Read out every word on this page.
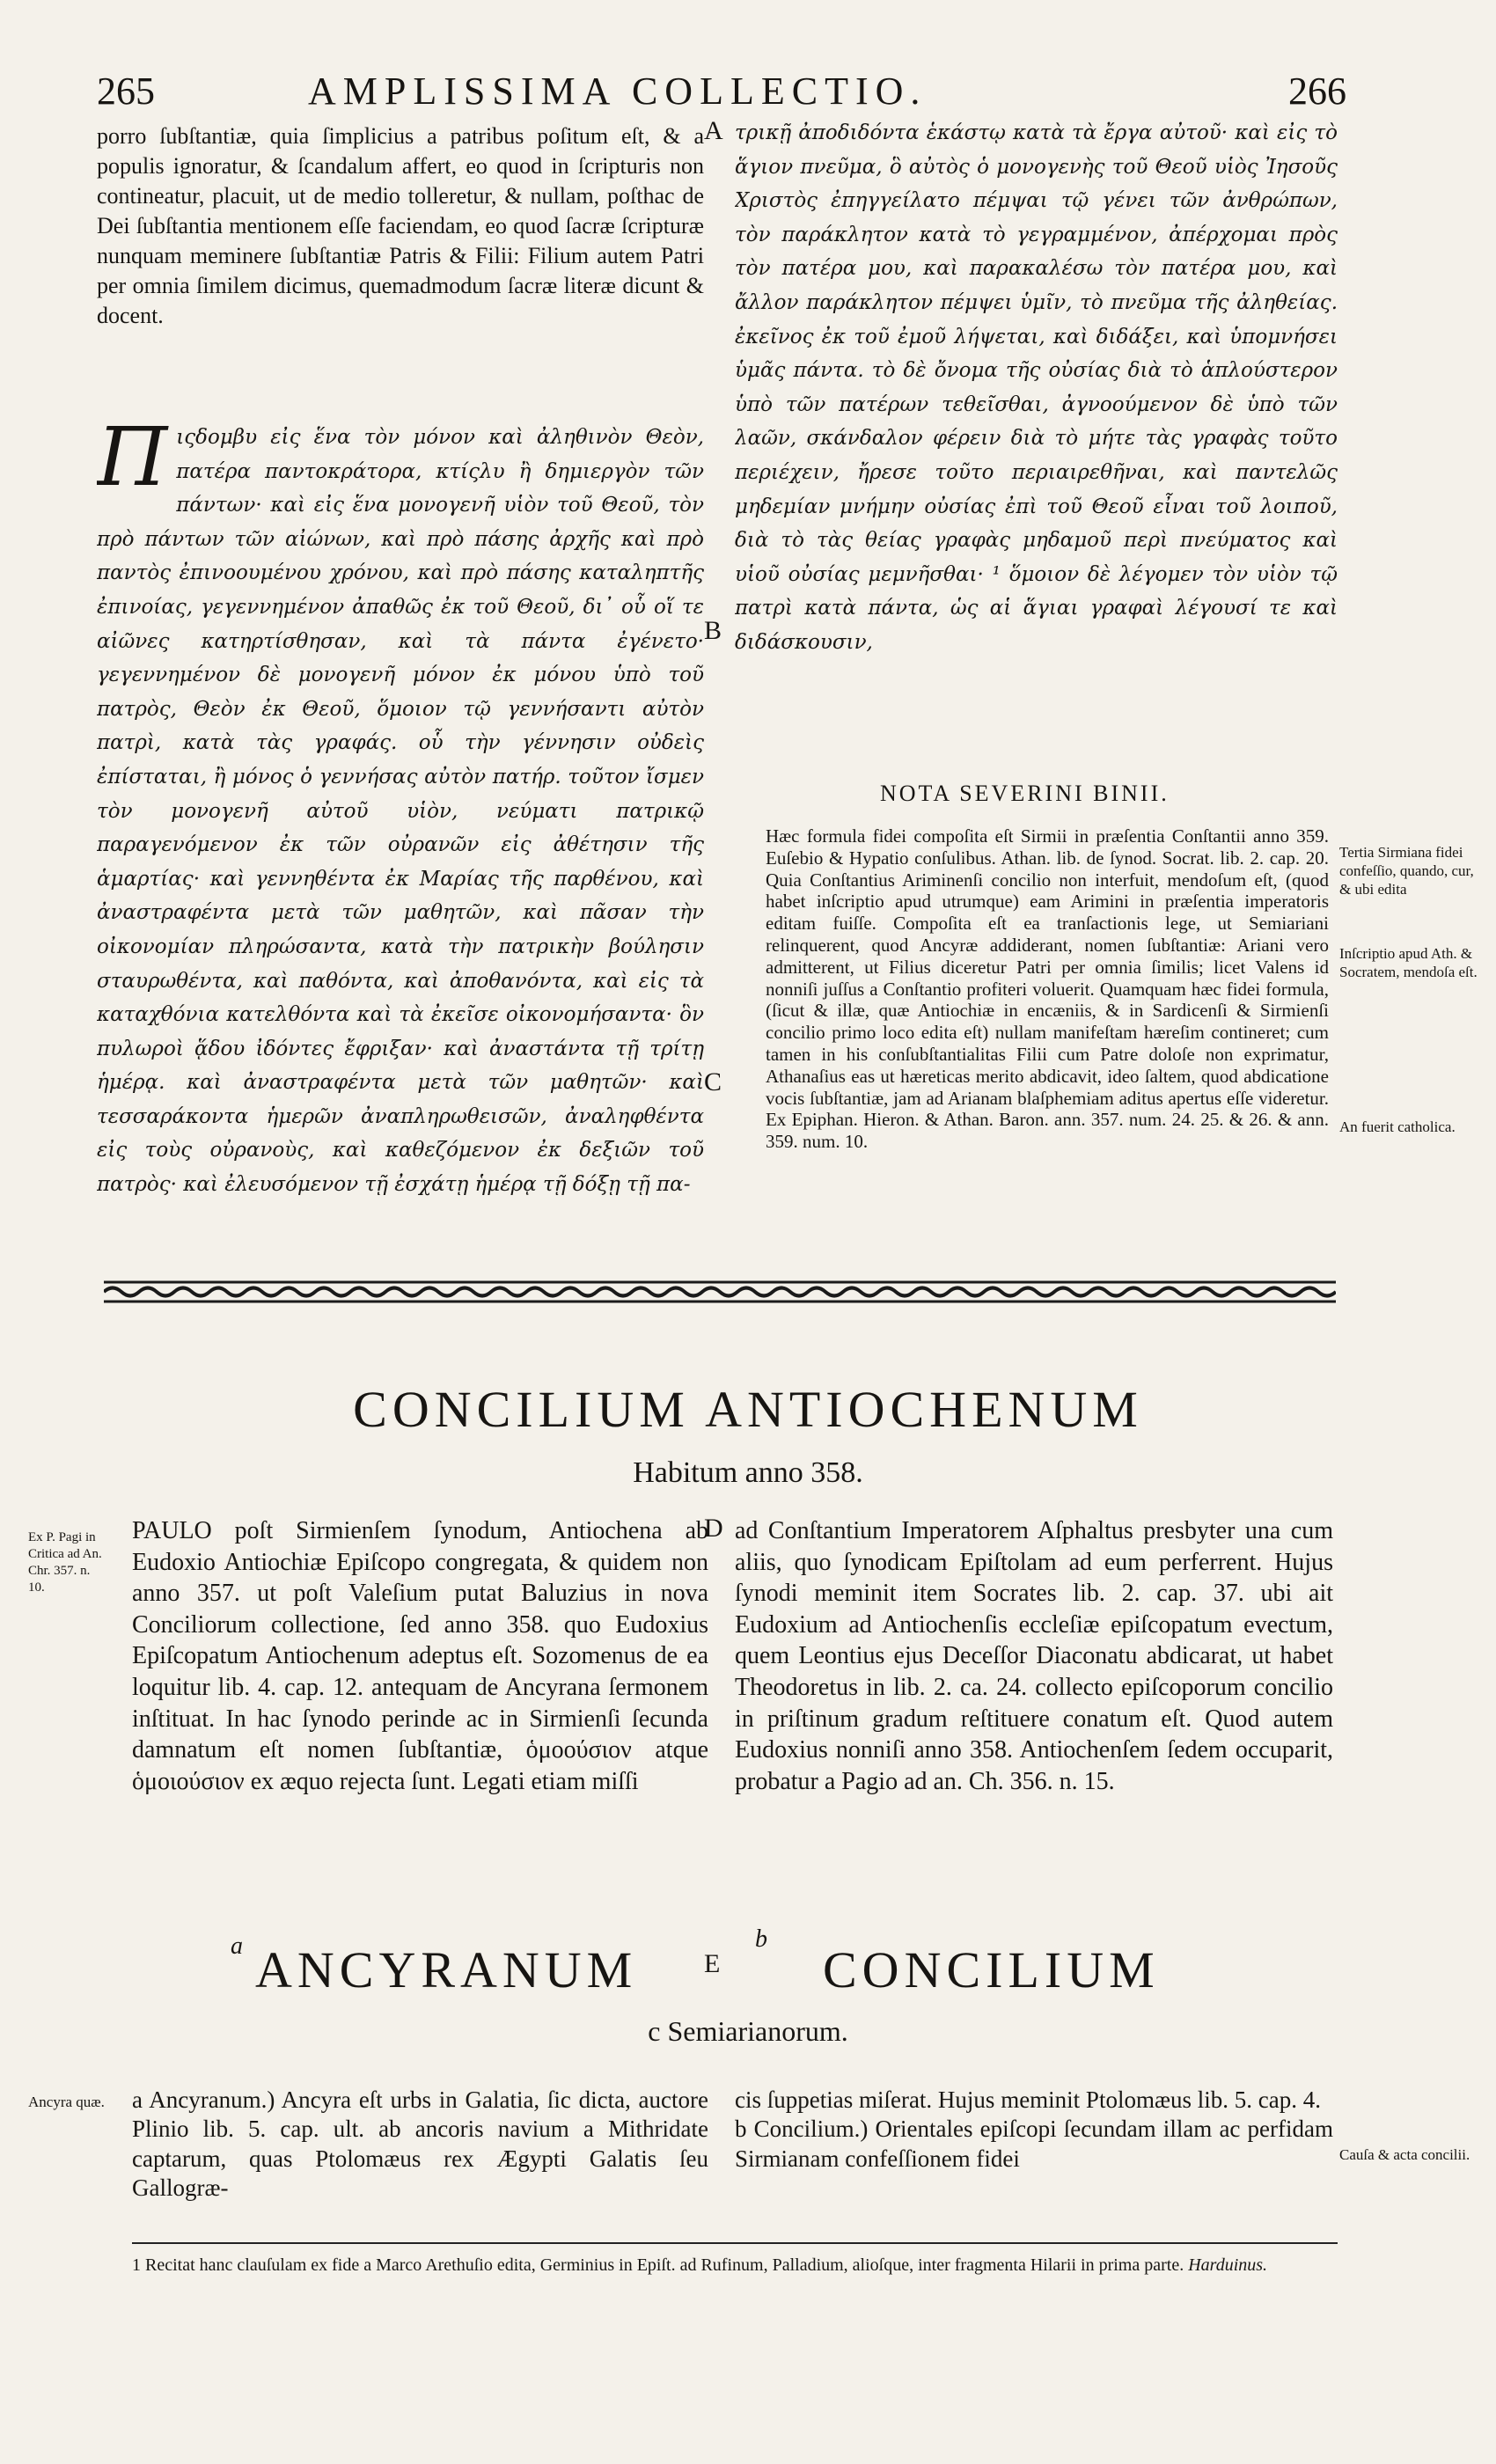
265	AMPLISSIMA COLLECTIO.	266
porro ſubſtantiæ, quia ſimplicius a patribus poſitum eſt, & a populis ignoratur, & ſcandalum affert, eo quod in ſcripturis non contineatur, placuit, ut de medio tolleretur, & nullam, poſthac de Dei ſubſtantia mentionem eſſe faciendam, eo quod ſacræ ſcripturæ nunquam meminere ſubſtantiæ Patris & Filii: Filium autem Patri per omnia ſimilem dicimus, quemadmodum ſacræ literæ dicunt & docent.
Π ιςδομβυ εἰς ἕνα τὸν μόνον καὶ ἀληθινὸν Θεὸν, πατέρα παντοκράτορα, κτίςλυ ἢ δημιεργὸν τῶν πάντων· καὶ εἰς ἕνα μονογενῆ υἱὸν τοῦ Θεοῦ, τὸν πρὸ πάντων τῶν αἰώνων, καὶ πρὸ πάσης ἀρχῆς καὶ πρὸ παντὸς ἐπινοουμένου χρόνου, καὶ πρὸ πάσης καταληπτῆς ἐπινοίας, γεγεννημένον ἀπαθῶς ἐκ τοῦ Θεοῦ, δι᾽ οὗ οἵ τε αἰῶνες κατηρτίσθησαν, καὶ τὰ πάντα ἐγένετο· γεγεννημένον δὲ μονογενῆ μόνον ἐκ μόνου ὑπὸ τοῦ πατρὸς, Θεὸν ἐκ Θεοῦ, ὅμοιον τῷ γεννήσαντι αὐτὸν πατρὶ, κατὰ τὰς γραφάς. οὗ τὴν γέννησιν οὐδεὶς ἐπίσταται, ἢ μόνος ὁ γεννήσας αὐτὸν πατήρ. τοῦτον ἴσμεν τὸν μονογενῆ αὐτοῦ υἱὸν, νεύματι πατρικῷ παραγενόμενον ἐκ τῶν οὐρανῶν εἰς ἀθέτησιν τῆς ἁμαρτίας· καὶ γεννηθέντα ἐκ Μαρίας τῆς παρθένου, καὶ ἀναστραφέντα μετὰ τῶν μαθητῶν, καὶ πᾶσαν τὴν οἰκονομίαν πληρώσαντα, κατὰ τὴν πατρικὴν βούλησιν σταυρωθέντα, καὶ παθόντα, καὶ ἀποθανόντα, καὶ εἰς τὰ καταχθόνια κατελθόντα καὶ τὰ ἐκεῖσε οἰκονομήσαντα· ὃν πυλωροὶ ᾅδου ἰδόντες ἔφριξαν· καὶ ἀναστάντα τῇ τρίτῃ ἡμέρᾳ. καὶ ἀναστραφέντα μετὰ τῶν μαθητῶν· καὶ τεσσαράκοντα ἡμερῶν ἀναπληρωθεισῶν, ἀναληφθέντα εἰς τοὺς οὐρανοὺς, καὶ καθεζόμενον ἐκ δεξιῶν τοῦ πατρὸς· καὶ ἐλευσόμενον τῇ ἐσχάτῃ ἡμέρᾳ τῇ δόξῃ τῇ πα-
A
B
C
D
E
τρικῇ ἀποδιδόντα ἑκάστῳ κατὰ τὰ ἔργα αὐτοῦ· καὶ εἰς τὸ ἅγιον πνεῦμα, ὃ αὐτὸς ὁ μονογενὴς τοῦ Θεοῦ υἱὸς Ἰησοῦς Χριστὸς ἐπηγγείλατο πέμψαι τῷ γένει τῶν ἀνθρώπων, τὸν παράκλητον κατὰ τὸ γεγραμμένον, ἀπέρχομαι πρὸς τὸν πατέρα μου, καὶ παρακαλέσω τὸν πατέρα μου, καὶ ἄλλον παράκλητον πέμψει ὑμῖν, τὸ πνεῦμα τῆς ἀληθείας. ἐκεῖνος ἐκ τοῦ ἐμοῦ λήψεται, καὶ διδάξει, καὶ ὑπομνήσει ὑμᾶς πάντα. τὸ δὲ ὄνομα τῆς οὐσίας διὰ τὸ ἁπλούστερον ὑπὸ τῶν πατέρων τεθεῖσθαι, ἀγνοούμενον δὲ ὑπὸ τῶν λαῶν, σκάνδαλον φέρειν διὰ τὸ μήτε τὰς γραφὰς τοῦτο περιέχειν, ἤρεσε τοῦτο περιαιρεθῆναι, καὶ παντελῶς μηδεμίαν μνήμην οὐσίας ἐπὶ τοῦ Θεοῦ εἶναι τοῦ λοιποῦ, διὰ τὸ τὰς θείας γραφὰς μηδαμοῦ περὶ πνεύματος καὶ υἱοῦ οὐσίας μεμνῆσθαι· ¹ ὅμοιον δὲ λέγομεν τὸν υἱὸν τῷ πατρὶ κατὰ πάντα, ὡς αἱ ἅγιαι γραφαὶ λέγουσί τε καὶ διδάσκουσιν,
NOTA SEVERINI BINII.
Hæc formula fidei compoſita eſt Sirmii in præſentia Conſtantii anno 359. Euſebio & Hypatio conſulibus. Athan. lib. de ſynod. Socrat. lib. 2. cap. 20. Quia Conſtantius Ariminenſi concilio non interfuit, mendoſum eſt, (quod habet inſcriptio apud utrumque) eam Arimini in præſentia imperatoris editam fuiſſe. Compoſita eſt ea tranſactionis lege, ut Semiariani relinquerent, quod Ancyræ addiderant, nomen ſubſtantiæ: Ariani vero admitterent, ut Filius diceretur Patri per omnia ſimilis; licet Valens id nonniſi juſſus a Conſtantio profiteri voluerit. Quamquam hæc fidei formula, (ſicut & illæ, quæ Antiochiæ in encæniis, & in Sardicenſi & Sirmienſi concilio primo loco edita eſt) nullam manifeſtam hæreſim contineret; cum tamen in his conſubſtantialitas Filii cum Patre doloſe non exprimatur, Athanaſius eas ut hæreticas merito abdicavit, ideo ſaltem, quod abdicatione vocis ſubſtantiæ, jam ad Arianam blaſphemiam aditus apertus eſſe videretur. Ex Epiphan. Hieron. & Athan. Baron. ann. 357. num. 24. 25. & 26. & ann. 359. num. 10.
Tertia Sirmiana fidei confeſſio, quando, cur, & ubi edita
Inſcriptio apud Ath. & Socratem, mendoſa eſt.
An fuerit catholica.
CONCILIUM ANTIOCHENUM
Habitum anno 358.
Ex P. Pagi in Critica ad An. Chr. 357. n. 10.
PAULO poſt Sirmienſem ſynodum, Antiochena ab Eudoxio Antiochiæ Epiſcopo congregata, & quidem non anno 357. ut poſt Valeſium putat Baluzius in nova Conciliorum collectione, ſed anno 358. quo Eudoxius Epiſcopatum Antiochenum adeptus eſt. Sozomenus de ea loquitur lib. 4. cap. 12. antequam de Ancyrana ſermonem inſtituat. In hac ſynodo perinde ac in Sirmienſi ſecunda damnatum eſt nomen ſubſtantiæ, ὁμοούσιον atque ὁμοιούσιον ex æquo rejecta ſunt. Legati etiam miſſi
ad Conſtantium Imperatorem Aſphaltus presbyter una cum aliis, quo ſynodicam Epiſtolam ad eum perferrent. Hujus ſynodi meminit item Socrates lib. 2. cap. 37. ubi ait Eudoxium ad Antiochenſis eccleſiæ epiſcopatum evectum, quem Leontius ejus Deceſſor Diaconatu abdicarat, ut habet Theodoretus in lib. 2. ca. 24. collecto epiſcoporum concilio in priſtinum gradum reſtituere conatum eſt. Quod autem Eudoxius nonniſi anno 358. Antiochenſem ſedem occuparit, probatur a Pagio ad an. Ch. 356. n. 15.
a	b
ANCYRANUM	CONCILIUM
c Semiarianorum.
Ancyra quæ.
Cauſa & acta concilii.
a Ancyranum.) Ancyra eſt urbs in Galatia, ſic dicta, auctore Plinio lib. 5. cap. ult. ab ancoris navium a Mithridate captarum, quas Ptolomæus rex Ægypti Galatis ſeu Gallogræ-
cis ſuppetias miſerat. Hujus meminit Ptolomæus lib. 5. cap. 4.
b Concilium.) Orientales epiſcopi ſecundam illam ac perfidam Sirmianam confeſſionem fidei
1 Recitat hanc clauſulam ex fide a Marco Arethuſio edita, Germinius in Epiſt. ad Rufinum, Palladium, alioſque, inter fragmenta Hilarii in prima parte. Harduinus.
